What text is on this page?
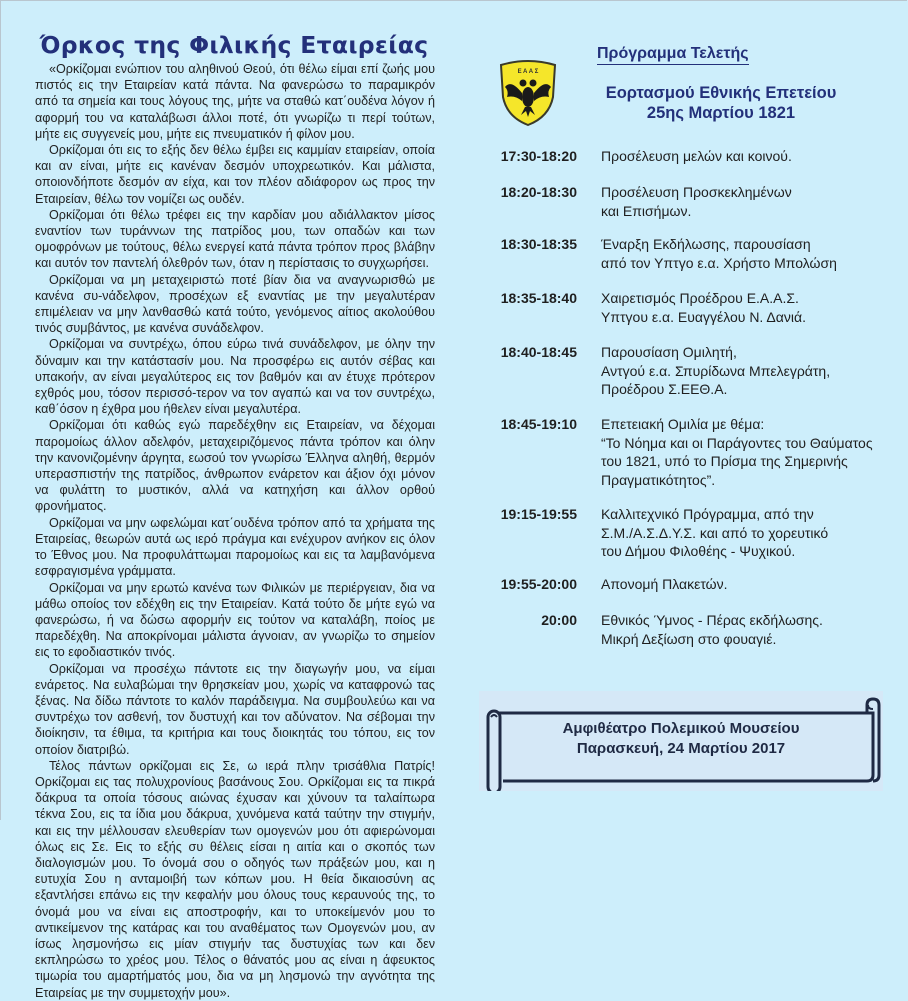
Όρκος της Φιλικής Εταιρείας

«Ορκίζομαι ενώπιον του αληθινού Θεού, ότι θέλω είμαι επί ζωής μου πιστός εις την Εταιρείαν κατά πάντα. Να φανερώσω το παραμικρόν από τα σημεία και τους λόγους της, μήτε να σταθώ κατ΄ουδένα λόγον ή αφορμή του να καταλάβωσι άλλοι ποτέ, ότι γνωρίζω τι περί τούτων, μήτε εις συγγενείς μου, μήτε εις πνευματικόν ή φίλον μου.

Ορκίζομαι ότι εις το εξής δεν θέλω έμβει εις καμμίαν εταιρείαν, οποία και αν είναι, μήτε εις κανέναν δεσμόν υποχρεωτικόν. Και μάλιστα, οποιονδήποτε δεσμόν αν είχα, και τον πλέον αδιάφορον ως προς την Εταιρείαν, θέλω τον νομίζει ως ουδέν.

Ορκίζομαι ότι θέλω τρέφει εις την καρδίαν μου αδιάλλακτον μίσος εναντίον των τυράννων της πατρίδος μου, των οπαδών και των ομοφρόνων με τούτους, θέλω ενεργεί κατά πάντα τρόπον προς βλάβην και αυτόν τον παντελή όλεθρόν των, όταν η περίστασις το συγχωρήσει.

Ορκίζομαι να μη μεταχειριστώ ποτέ βίαν δια να αναγνωρισθώ με κανένα συ-νάδελφον, προσέχων εξ εναντίας με την μεγαλυτέραν επιμέλειαν να μην λανθασθώ κατά τούτο, γενόμενος αίτιος ακολούθου τινός συμβάντος, με κανένα συνάδελφον.

Ορκίζομαι να συντρέχω, όπου εύρω τινά συνάδελφον, με όλην την δύναμιν και την κατάστασίν μου. Να προσφέρω εις αυτόν σέβας και υπακοήν, αν είναι μεγαλύτερος εις τον βαθμόν και αν έτυχε πρότερον εχθρός μου, τόσον περισσό-τερον να τον αγαπώ και να τον συντρέχω, καθ΄όσον η έχθρα μου ήθελεν είναι μεγαλυτέρα.

Ορκίζομαι ότι καθώς εγώ παρεδέχθην εις Εταιρείαν, να δέχομαι παρομοίως άλλον αδελφόν, μεταχειριζόμενος πάντα τρόπον και όλην την κανονιζομένην άργητα, εωσού τον γνωρίσω Έλληνα αληθή, θερμόν υπερασπιστήν της πατρίδος, άνθρωπον ενάρετον και άξιον όχι μόνον να φυλάττη το μυστικόν, αλλά να κατηχήση και άλλον ορθού φρονήματος.

Ορκίζομαι να μην ωφελώμαι κατ΄ουδένα τρόπον από τα χρήματα της Εταιρείας, θεωρών αυτά ως ιερό πράγμα και ενέχυρον ανήκον εις όλον το Έθνος μου. Να προφυλάττωμαι παρομοίως και εις τα λαμβανόμενα εσφραγισμένα γράμματα.

Ορκίζομαι να μην ερωτώ κανένα των Φιλικών με περιέργειαν, δια να μάθω οποίος τον εδέχθη εις την Εταιρείαν. Κατά τούτο δε μήτε εγώ να φανερώσω, ή να δώσω αφορμήν εις τούτον να καταλάβη, ποίος με παρεδέχθη. Να αποκρίνομαι μάλιστα άγνοιαν, αν γνωρίζω το σημείον εις το εφοδιαστικόν τινός.

Ορκίζομαι να προσέχω πάντοτε εις την διαγωγήν μου, να είμαι ενάρετος. Να ευλαβώμαι την θρησκείαν μου, χωρίς να καταφρονώ τας ξένας. Να δίδω πάντοτε το καλόν παράδειγμα. Να συμβουλεύω και να συντρέχω τον ασθενή, τον δυστυχή και τον αδύνατον. Να σέβομαι την διοίκησιν, τα έθιμα, τα κριτήρια και τους διοικητάς του τόπου, εις τον οποίον διατριβώ.

Τέλος πάντων ορκίζομαι εις Σε, ω ιερά πλην τρισάθλια Πατρίς! Ορκίζομαι εις τας πολυχρονίους βασάνους Σου. Ορκίζομαι εις τα πικρά δάκρυα τα οποία τόσους αιώνας έχυσαν και χύνουν τα ταλαίπωρα τέκνα Σου, εις τα ίδια μου δάκρυα, χυνόμενα κατά ταύτην την στιγμήν, και εις την μέλλουσαν ελευθερίαν των ομογενών μου ότι αφιερώνομαι όλως εις Σε. Εις το εξής συ θέλεις είσαι η αιτία και ο σκοπός των διαλογισμών μου. Το όνομά σου ο οδηγός των πράξεών μου, και η ευτυχία Σου η ανταμοιβή των κόπων μου. Η θεία δικαιοσύνη ας εξαντλήσει επάνω εις την κεφαλήν μου όλους τους κεραυνούς της, το όνομά μου να είναι εις αποστροφήν, και το υποκείμενόν μου το αντικείμενον της κατάρας και του αναθέματος των Ομογενών μου, αν ίσως λησμονήσω εις μίαν στιγμήν τας δυστυχίας των και δεν εκπληρώσω το χρέος μου. Τέλος ο θάνατός μου ας είναι η άφευκτος τιμωρία του αμαρτήματός μου, δια να μη λησμονώ την αγνότητα της Εταιρείας με την συμμετοχήν μου».

Πρόγραμμα Τελετής
Ε Α Α Σ
Εορτασμού Εθνικής Επετείου
25ης Μαρτίου 1821
17:30-18:20 Προσέλευση μελών και κοινού.
18:20-18:30 Προσέλευση Προσκεκλημένων
και Επισήμων.
18:30-18:35 Έναρξη Εκδήλωσης, παρουσίαση
από τον Υπτγο ε.α. Χρήστο Μπολώση
18:35-18:40 Χαιρετισμός Προέδρου Ε.Α.Α.Σ.
Υπτγου ε.α. Ευαγγέλου Ν. Δανιά.
18:40-18:45 Παρουσίαση Ομιλητή,
Αντγού ε.α. Σπυρίδωνα Μπελεγράτη,
Προέδρου Σ.ΕΕΘ.Α.
18:45-19:10 Επετειακή Ομιλία με θέμα:
“Το Νόημα και οι Παράγοντες του Θαύματος
του 1821, υπό το Πρίσμα της Σημερινής
Πραγματικότητος”.
19:15-19:55 Καλλιτεχνικό Πρόγραμμα, από την
Σ.Μ./Α.Σ.Δ.Υ.Σ. και από το χορευτικό
του Δήμου Φιλοθέης - Ψυχικού.
19:55-20:00 Απονομή Πλακετών.
20:00 Εθνικός Ύμνος - Πέρας εκδήλωσης.
Μικρή Δεξίωση στο φουαγιέ.
Αμφιθέατρο Πολεμικού Μουσείου
Παρασκευή, 24 Μαρτίου 2017
